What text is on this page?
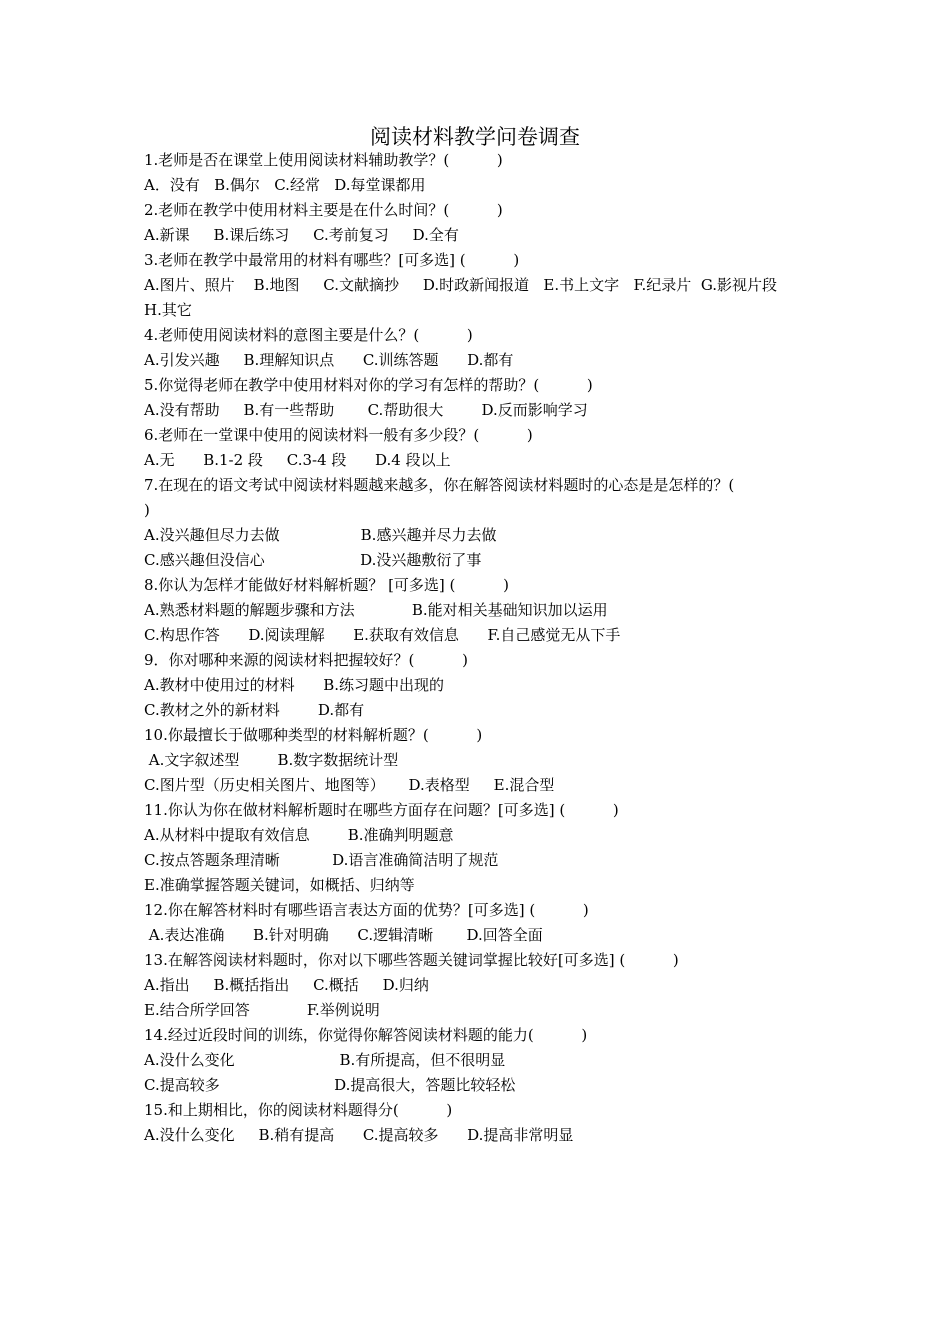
阅读材料教学问卷调查
1.老师是否在课堂上使用阅读材料辅助教学？(          )
A．没有   B.偶尔   C.经常   D.每堂课都用
2.老师在教学中使用材料主要是在什么时间？(          )
A.新课     B.课后练习     C.考前复习     D.全有
3.老师在教学中最常用的材料有哪些？[可多选] (          )
A.图片、照片    B.地图     C.文献摘抄     D.时政新闻报道   E.书上文字   F.纪录片  G.影视片段
H.其它
4.老师使用阅读材料的意图主要是什么？(          )
A.引发兴趣     B.理解知识点      C.训练答题      D.都有
5.你觉得老师在教学中使用材料对你的学习有怎样的帮助？(          )
A.没有帮助     B.有一些帮助       C.帮助很大        D.反而影响学习
6.老师在一堂课中使用的阅读材料一般有多少段？(          )
A.无      B.1-2 段     C.3-4 段      D.4 段以上
7.在现在的语文考试中阅读材料题越来越多，你在解答阅读材料题时的心态是是怎样的？(
)
A.没兴趣但尽力去做                 B.感兴趣并尽力去做
C.感兴趣但没信心                    D.没兴趣敷衍了事
8.你认为怎样才能做好材料解析题？ [可多选] (          )
A.熟悉材料题的解题步骤和方法            B.能对相关基础知识加以运用
C.构思作答      D.阅读理解      E.获取有效信息      F.自己感觉无从下手
9．你对哪种来源的阅读材料把握较好？(          )
A.教材中使用过的材料      B.练习题中出现的
C.教材之外的新材料        D.都有
10.你最擅长于做哪种类型的材料解析题？(          )
A.文字叙述型        B.数字数据统计型
C.图片型（历史相关图片、地图等）     D.表格型     E.混合型
11.你认为你在做材料解析题时在哪些方面存在问题？[可多选] (          )
A.从材料中提取有效信息        B.准确判明题意
C.按点答题条理清晰           D.语言准确简洁明了规范
E.准确掌握答题关键词，如概括、归纳等
12.你在解答材料时有哪些语言表达方面的优势？[可多选] (          )
A.表达准确      B.针对明确      C.逻辑清晰       D.回答全面
13.在解答阅读材料题时，你对以下哪些答题关键词掌握比较好[可多选] (          )
A.指出     B.概括指出     C.概括     D.归纳
E.结合所学回答            F.举例说明
14.经过近段时间的训练，你觉得你解答阅读材料题的能力(          )
A.没什么变化                      B.有所提高，但不很明显
C.提高较多                        D.提高很大，答题比较轻松
15.和上期相比，你的阅读材料题得分(          )
A.没什么变化     B.稍有提高      C.提高较多      D.提高非常明显
